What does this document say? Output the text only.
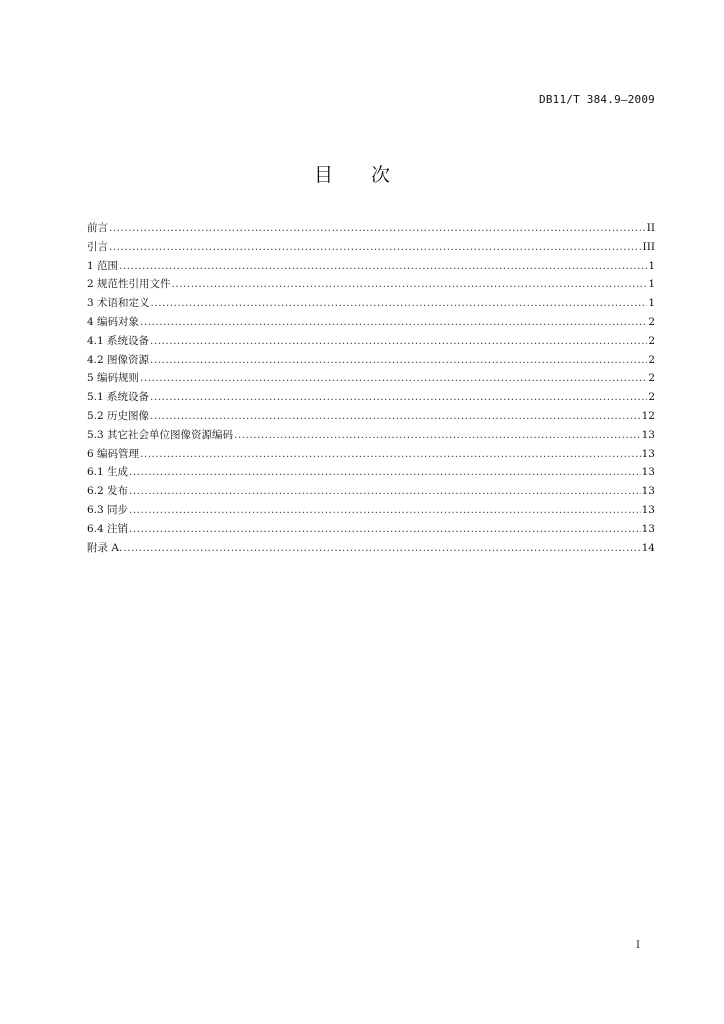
DB11/T 384.9—2009
目次
前言 .....	II
引言 .....	III
1 范围 .....	1
2 规范性引用文件 .....	1
3 术语和定义 .....	1
4 编码对象 .....	2
4.1 系统设备 .....	2
4.2 图像资源 .....	2
5 编码规则 .....	2
5.1 系统设备 .....	2
5.2 历史图像 .....	12
5.3 其它社会单位图像资源编码 .....	13
6 编码管理 .....	13
6.1 生成 .....	13
6.2 发布 .....	13
6.3 同步 .....	13
6.4 注销 .....	13
附录 A. .....	14
I
